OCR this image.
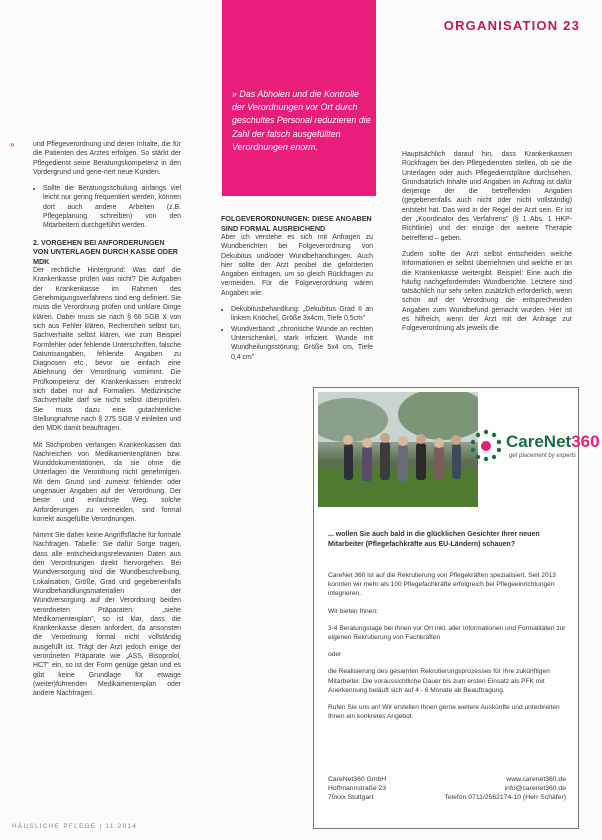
ORGANISATION 23
» Das Abholen und die Kontrolle der Verordnungen vor Ort durch geschultes Personal reduzieren die Zahl der falsch ausgefüllten Verordnungen enorm.
»	und Pflegeverordnung und deren Inhalte, die für die Patienten des Arztes erfolgen. So stärkt der Pflegedienst seine Beratungskompetenz in den Vordergrund und gene-riert neue Kunden.

• Sollte die Beratungsschulung anfangs viel leicht nur gering frequentiert werden, können dort auch andere Arbeiten (z.B. Pflegeplanung schreiben) von den Mitarbeitern durchgeführt werden.
2. VORGEHEN BEI ANFORDERUNGEN VON UNTERLAGEN DURCH KASSE ODER MDK

Der rechtliche Hintergrund: Was darf die Krankenkasse prüfen was nicht? Die Aufgaben der Krankenkasse im Rahmen des Genehmigungsverfahrens sind eng definiert. Sie muss die Verordnung prüfen und unklare Dinge klären. Dabei muss sie nach § 66 SGB X von sich aus Fehler klären, Recherchen selbst tun, Sachverhalte selbst klären, wie zum Beispiel Formfehler oder fehlende Unterschriften, falsche Datumsangaben, fehlende Angaben zu Diagnosen etc., bevor sie einfach eine Ablehnung der Verordnung vornimmt. Die Prüfkompetenz der Krankenkassen erstreckt sich dabei nur auf Formalien. Medizinische Sachverhalte darf sie nicht selbst überprüfen. Sie muss dazu eine gutachterliche Stellungnahme nach § 275 SGB V einleiten und den MDK damit beauftragen.

Mit Stichproben verlangen Krankenkassen das Nachreichen von Medikamentenplänen bzw. Wunddokumentationen, da sie ohne die Unterlagen die Verordnung nicht genehmigen. Mit dem Grund und zumeist fehlender oder ungenauer Angaben auf der Verordnung. Der beste und einfachste Weg, solche Anforderungen zu vermeiden, sind formal korrekt ausgefüllte Verordnungen.

Nimmt Sie daher keine Angriffsfläche für formale Nachfragen. Tabelle: Sie dafür Sorge tragen, dass alle entscheidungsrelevanten Daten aus den Verordnungen direkt hervorgehen. Bei Wundversorgung sind die Wundbeschreibung, Lokalisation, Größe, Grad und gegebenenfalls Wundbehandlungsmaterialien der Wundversorgung auf der Verordnung beiden verordneten Präparaten: „siehe Medikamentenplan", so ist klar, dass die Krankenkasse diesen anfordert, da ansonsten die Verordnung formal nicht vollständig ausgefüllt ist. Trägt der Arzt jedoch einige der verordneten Präparate wie „ASS, Bisoprolol, HCT" ein, so ist der Form genüge getan und es gibt keine Grundlage für etwaige (weiter)führenden Medikamentenplan oder andere Nachfragen.

FOLGEVERORDNUNGEN: DIESE ANGABEN SIND FORMAL AUSREICHEND

Aber ich verstehe es sich mit Anfragen zu Wundberichten bei Folgeverordnung von Dekubitus und/oder Wundbehandlungen. Auch hier sollte der Arzt penibel die geforderten Angaben eintragen, um so gleich Rückfragen zu vermeiden. Für die Folgeverordnung wären Angaben wie:

• Dekubitusbehandlung: „Dekubitus Grad II an linkem Knöchel, Größe 3x4cm, Tiefe 0,5cm"
• Wundverband: „chronische Wunde an rechten Unterschenkel, stark infiziert. Wunde mit Wundheilungsstörung; Größe 5x4 cm, Tiefe 0,4 cm"

Hauptsächlich darauf hin, dass Krankenkassen Rückfragen bei den Pflegediensten stellen, ob sie die Unterlagen oder auch Pflegedienstpläne durchsehen. Grundsätzlich Inhalte und Angaben im Auftrag ist dafür derjenige der die betreffenden Angaben (gegebenenfalls auch nicht oder nicht vollständig) entsteht hat. Das wird in der Regel der Arzt sein. Er ist der „Koordinator des Verfahrens" (§ 1 Abs. 1 HKP-Richtlinie) und der einzige der weitere Therapie betreffend – geben.

Zudem sollte der Arzt selbst entscheiden welche Informationen er selbst übernehmen und welche er an die Krankenkasse weitergibt. Beispiel: Eine auch die häufig nachgefordernden Wundberichte. Letztere sind tatsächlich nur sehr selten zusätzlich erforderlich, wenn schon auf der Verordnung die entsprechenden Angaben zum Wundbefund gemacht wurden. Hier ist es hilfreich, wenn der Arzt mit der Anfrage zur Folgeverordnung als jeweils die

CareNet360
get placement by experts
... wollen Sie auch bald in die glücklichen Gesichter Ihrer neuen Mitarbeiter (Pflegefachkräfte aus EU-Ländern) schauen?

CareNet 360 ist auf die Rekrutierung von Pflegekräften spezialisiert. Seit 2013 konnten wir mehr als 100 Pflegefachkräfte erfolgreich bei Pflegeeinrichtungen integrieren.

Wir bieten Ihnen:

3-4 Beratungstage bei Ihnen vor Ort inkl. aller Informationen und Formalitäten zur eigenen Rekrutierung von Fachkräften

oder

die Realisierung des gesamten Rekrutierungsprozesses für Ihre zukünftigen Mitarbeiter. Die voraussichtliche Dauer bis zum ersten Einsatz als PFK mit Anerkennung beläuft sich auf 4 - 6 Monate ab Beauftragung.

Rufen Sie uns an! Wir erstellen Ihnen gerne weitere Auskünfte und unterbreiten Ihnen ein konkretes Angebot.

CareNet360 GmbH	www.carenet360.de
Hoffmannstraße 23	info@carenet360.de
70xxx Stuttgart	Telefon 0711/2562174-10 (Herr Schäfer)
HÄUSLICHE PFLEGE | 11.2014
